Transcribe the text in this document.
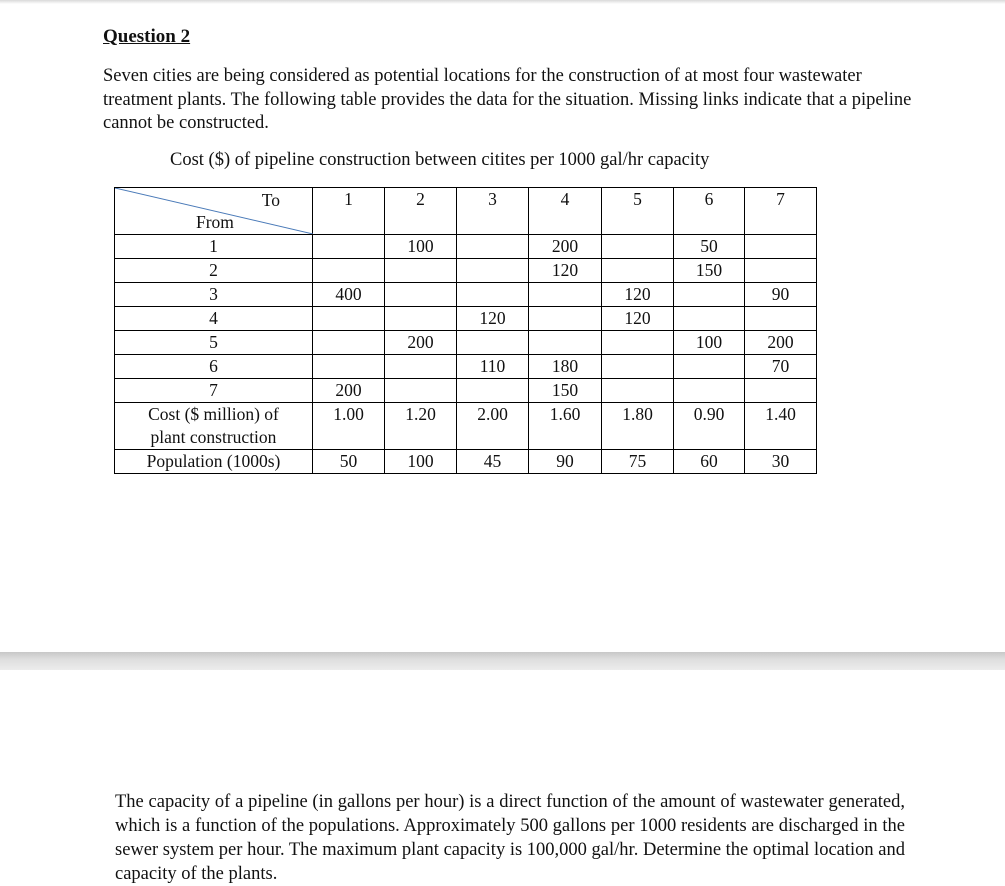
Question 2
Seven cities are being considered as potential locations for the construction of at most four wastewater treatment plants. The following table provides the data for the situation. Missing links indicate that a pipeline cannot be constructed.
Cost ($) of pipeline construction between citites per 1000 gal/hr capacity
To
From	1	2	3	4	5	6	7
1		100		200		50	
2				120		150	
3	400				120		90
4			120		120		
5		200				100	200
6			110	180			70
7	200			150			

Cost ($ million) of
plant construction	1.00	1.20	2.00	1.60	1.80	0.90	1.40
Population (1000s)	50	100	45	90	75	60	30
The capacity of a pipeline (in gallons per hour) is a direct function of the amount of wastewater generated, which is a function of the populations. Approximately 500 gallons per 1000 residents are discharged in the sewer system per hour. The maximum plant capacity is 100,000 gal/hr. Determine the optimal location and capacity of the plants.
